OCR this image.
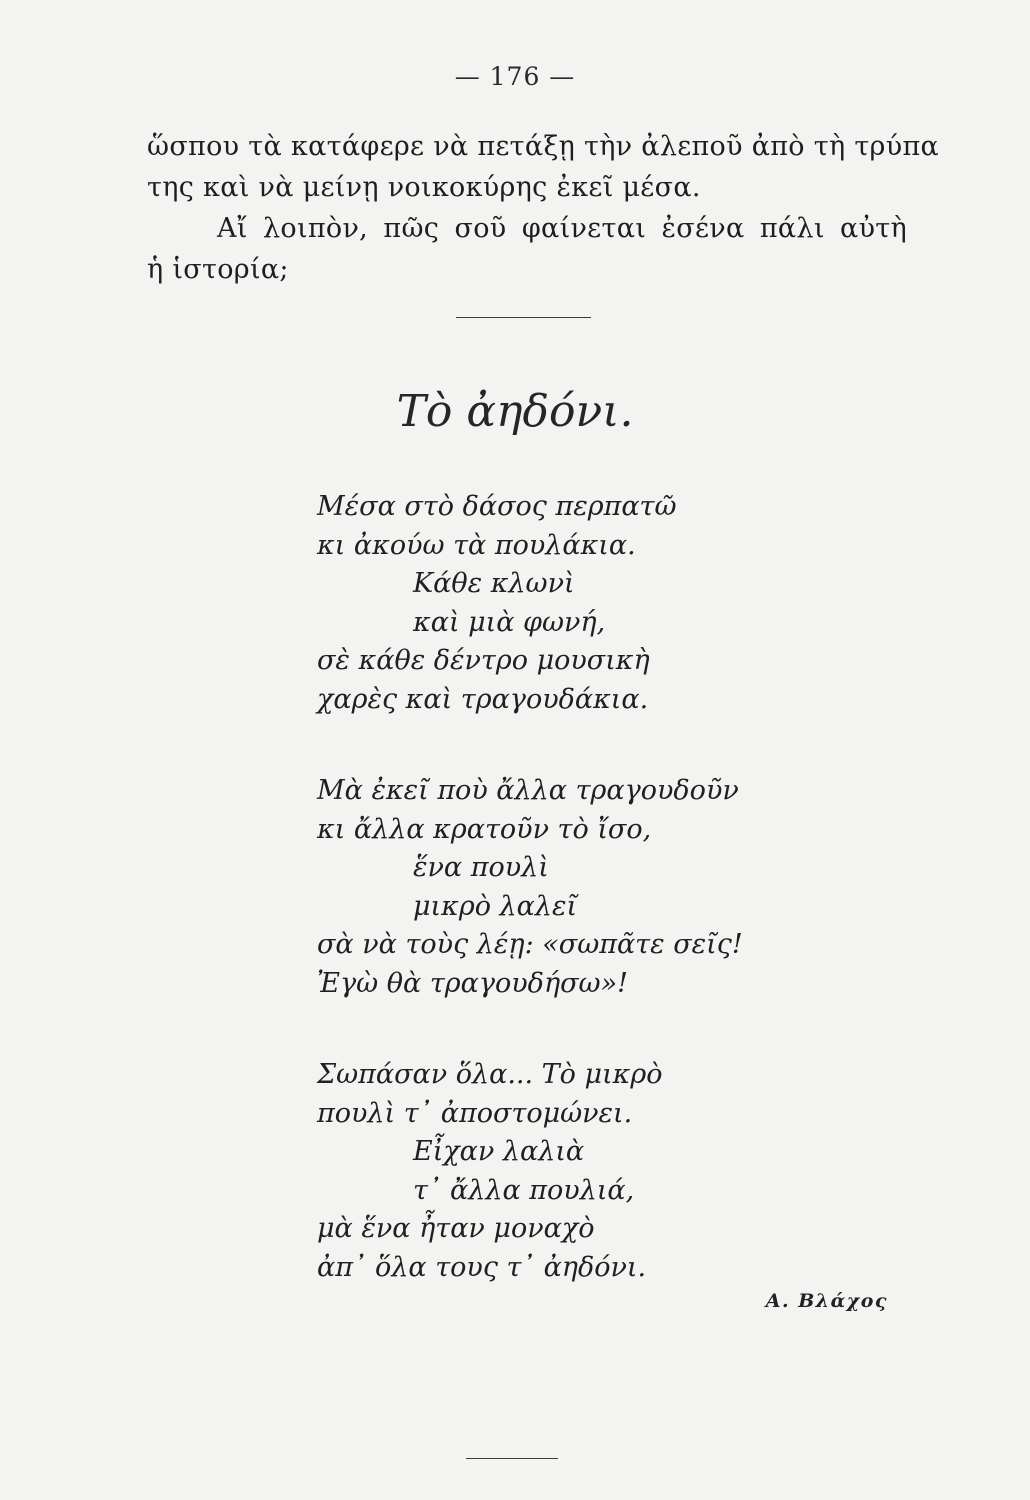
— 176 —
ὥσπου τὰ κατάφερε νὰ πετάξῃ τὴν ἀλεποῦ ἀπὸ τὴ τρύπα
της καὶ νὰ μείνῃ νοικοκύρης ἐκεῖ μέσα.
Αἴ λοιπὸν, πῶς σοῦ φαίνεται ἐσένα πάλι αὐτὴ
ἡ ἱστορία;
Τὸ ἀηδόνι.
Μέσα στὸ δάσος περπατῶ
κι ἀκούω τὰ πουλάκια.
Κάθε κλωνὶ
καὶ μιὰ φωνή,
σὲ κάθε δέντρο μουσικὴ
χαρὲς καὶ τραγουδάκια.
Μὰ ἐκεῖ ποὺ ἄλλα τραγουδοῦν
κι ἄλλα κρατοῦν τὸ ἴσο,
ἕνα πουλὶ
μικρὸ λαλεῖ
σὰ νὰ τοὺς λέῃ: «σωπᾶτε σεῖς!
Ἐγὼ θὰ τραγουδήσω»!
Σωπάσαν ὅλα... Τὸ μικρὸ
πουλὶ τ᾽ ἀποστομώνει.
Εἶχαν λαλιὰ
τ᾽ ἄλλα πουλιά,
μὰ ἕνα ἦταν μοναχὸ
ἀπ᾽ ὅλα τους τ᾽ ἀηδόνι.
Α. Βλάχος
